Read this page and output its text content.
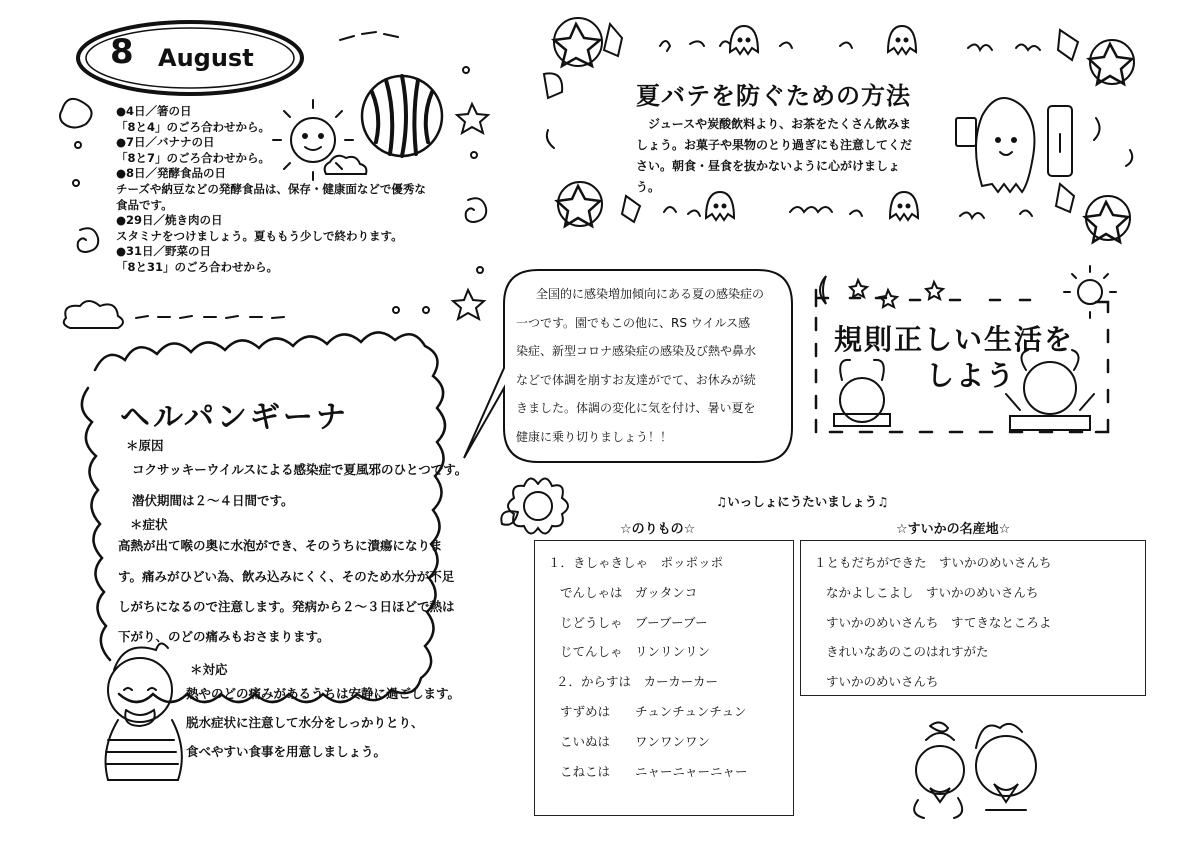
8 August
●4日／箸の日
「8と4」のごろ合わせから。
●7日／バナナの日
「8と7」のごろ合わせから。
●8日／発酵食品の日
チーズや納豆などの発酵食品は、保存・健康面などで優秀な
食品です。
●29日／焼き肉の日
スタミナをつけましょう。夏ももう少しで終わります。
●31日／野菜の日
「8と31」のごろ合わせから。
ヘルパンギーナ
＊原因
コクサッキーウイルスによる感染症で夏風邪のひとつです。
潜伏期間は２～４日間です。
＊症状
高熱が出て喉の奥に水泡ができ、そのうちに潰瘍になりま
す。痛みがひどい為、飲み込みにくく、そのため水分が不足
しがちになるので注意します。発病から２～３日ほどで熱は
下がり、のどの痛みもおさまります。
＊対応
熱やのどの痛みがあるうちは安静に過ごします。
脱水症状に注意して水分をしっかりとり、
食べやすい食事を用意しましょう。
夏バテを防ぐための方法
ジュースや炭酸飲料より、お茶をたくさん飲みま
しょう。お菓子や果物のとり過ぎにも注意してくだ
さい。朝食・昼食を抜かないように心がけましょう。
全国的に感染増加傾向にある夏の感染症の
一つです。園でもこの他に、RS ウイルス感
染症、新型コロナ感染症の感染及び熱や鼻水
などで体調を崩すお友達がでて、お休みが続
きました。体調の変化に気を付け、暑い夏を
健康に乗り切りましょう！！
規則正しい生活を
しよう
♫いっしょにうたいましょう♫
☆のりもの☆	☆すいかの名産地☆
１．きしゃきしゃ　ポッポッポ
でんしゃは　ガッタンコ
じどうしゃ　ブーブーブー
じてんしゃ　リンリンリン
２．からすは　カーカーカー
すずめは　　チュンチュンチュン
こいぬは　　ワンワンワン
こねこは　　ニャーニャーニャー
１ともだちができた　すいかのめいさんち
なかよしこよし　すいかのめいさんち
すいかのめいさんち　すてきなところよ
きれいなあのこのはれすがた
すいかのめいさんち
